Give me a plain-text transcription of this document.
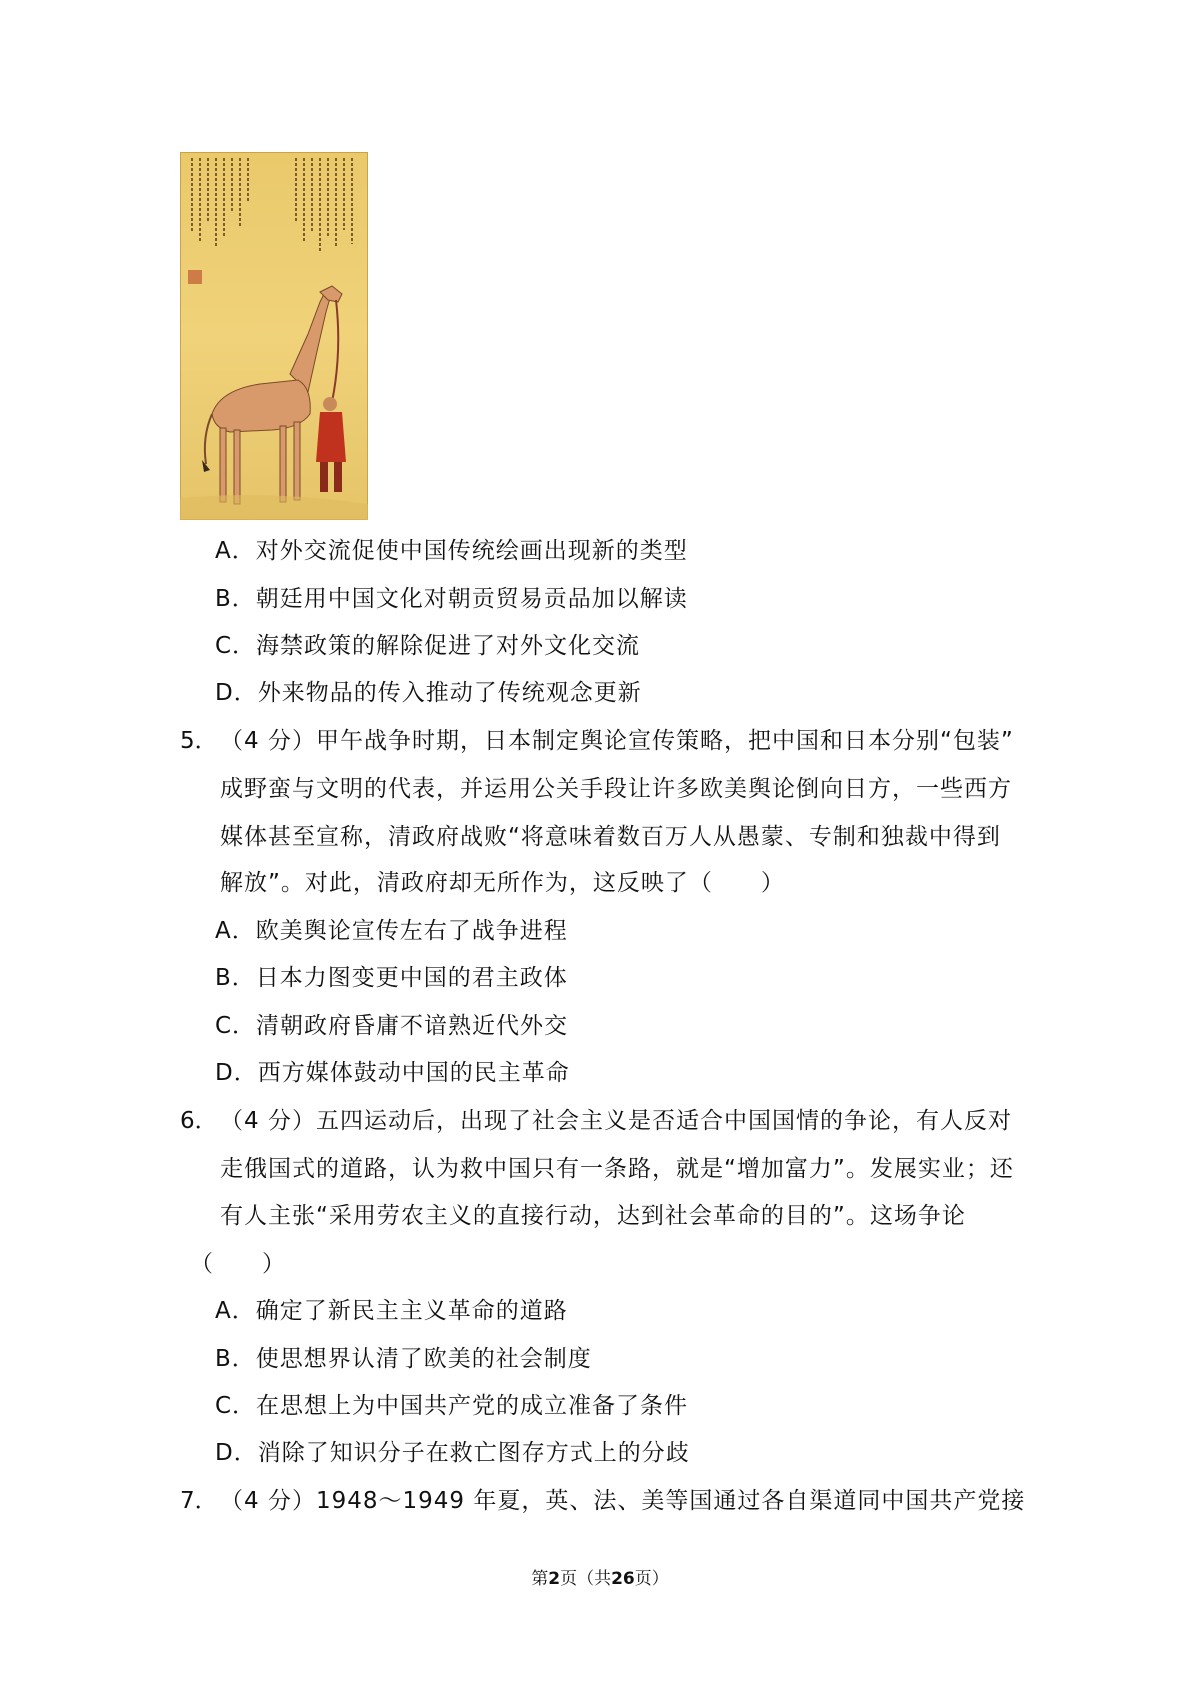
A．对外交流促使中国传统绘画出现新的类型
B．朝廷用中国文化对朝贡贸易贡品加以解读
C．海禁政策的解除促进了对外文化交流
D．外来物品的传入推动了传统观念更新
5． （4 分）甲午战争时期，日本制定舆论宣传策略，把中国和日本分别“包装”
成野蛮与文明的代表，并运用公关手段让许多欧美舆论倒向日方，一些西方
媒体甚至宣称，清政府战败“将意味着数百万人从愚蒙、专制和独裁中得到
解放”。对此，清政府却无所作为，这反映了（　　）
A．欧美舆论宣传左右了战争进程
B．日本力图变更中国的君主政体
C．清朝政府昏庸不谙熟近代外交
D．西方媒体鼓动中国的民主革命
6． （4 分）五四运动后，出现了社会主义是否适合中国国情的争论，有人反对
走俄国式的道路，认为救中国只有一条路，就是“增加富力”。发展实业；还
有人主张“采用劳农主义的直接行动，达到社会革命的目的”。这场争论
（　　）
A．确定了新民主主义革命的道路
B．使思想界认清了欧美的社会制度
C．在思想上为中国共产党的成立准备了条件
D．消除了知识分子在救亡图存方式上的分歧
7． （4 分）1948～1949 年夏，英、法、美等国通过各自渠道同中国共产党接
第2页（共26页）
